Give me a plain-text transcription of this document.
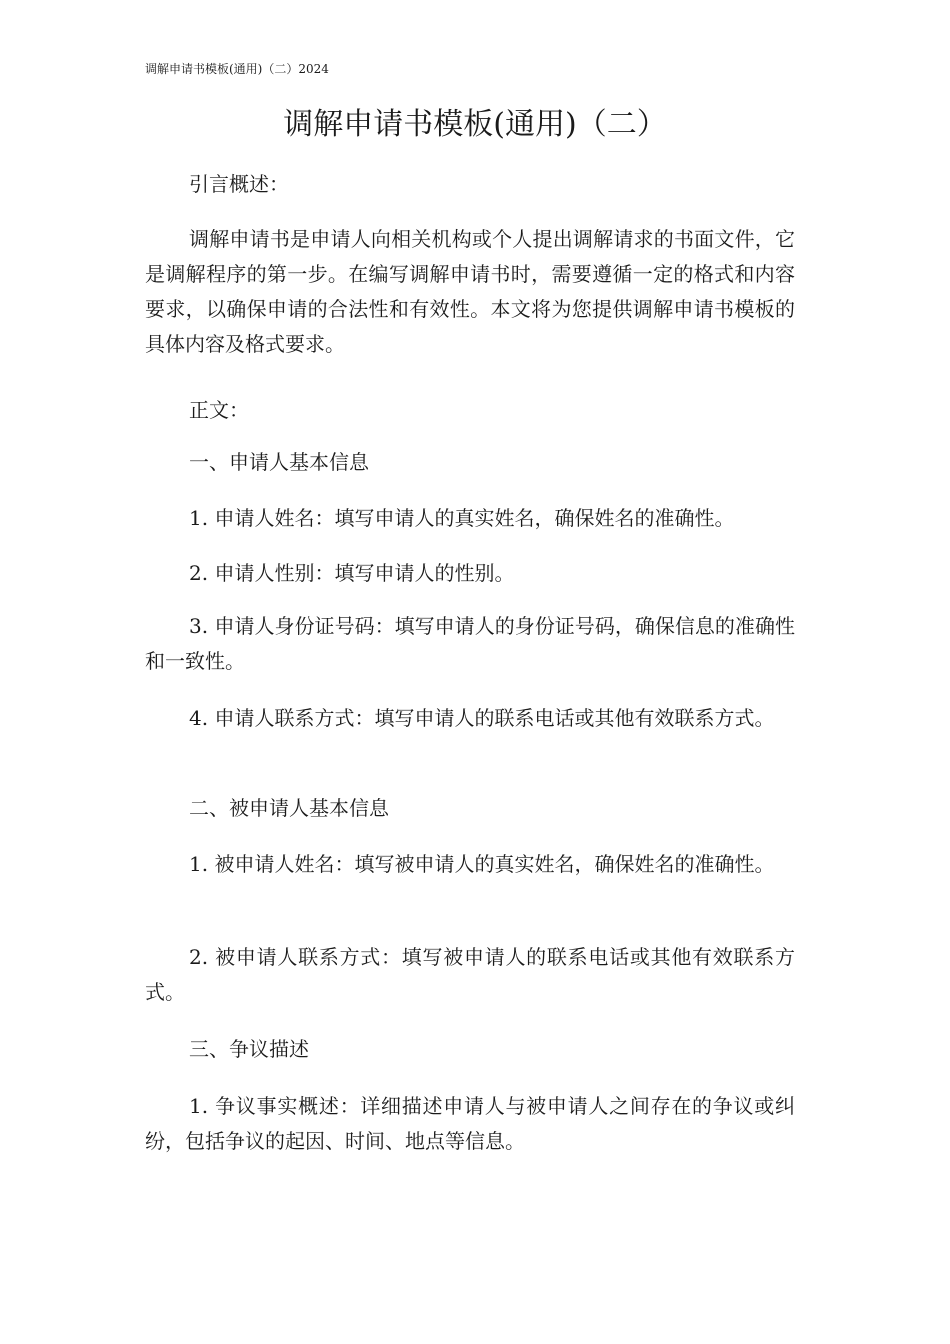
调解申请书模板(通用)（二）2024
调解申请书模板(通用)（二）

引言概述：

调解申请书是申请人向相关机构或个人提出调解请求的书面文件，它是调解程序的第一步。在编写调解申请书时，需要遵循一定的格式和内容要求，以确保申请的合法性和有效性。本文将为您提供调解申请书模板的具体内容及格式要求。

正文：

一、申请人基本信息

1. 申请人姓名：填写申请人的真实姓名，确保姓名的准确性。

2. 申请人性别：填写申请人的性别。

3. 申请人身份证号码：填写申请人的身份证号码，确保信息的准确性和一致性。

4. 申请人联系方式：填写申请人的联系电话或其他有效联系方式。

二、被申请人基本信息

1. 被申请人姓名：填写被申请人的真实姓名，确保姓名的准确性。

2. 被申请人联系方式：填写被申请人的联系电话或其他有效联系方式。

三、争议描述

1. 争议事实概述：详细描述申请人与被申请人之间存在的争议或纠纷，包括争议的起因、时间、地点等信息。
